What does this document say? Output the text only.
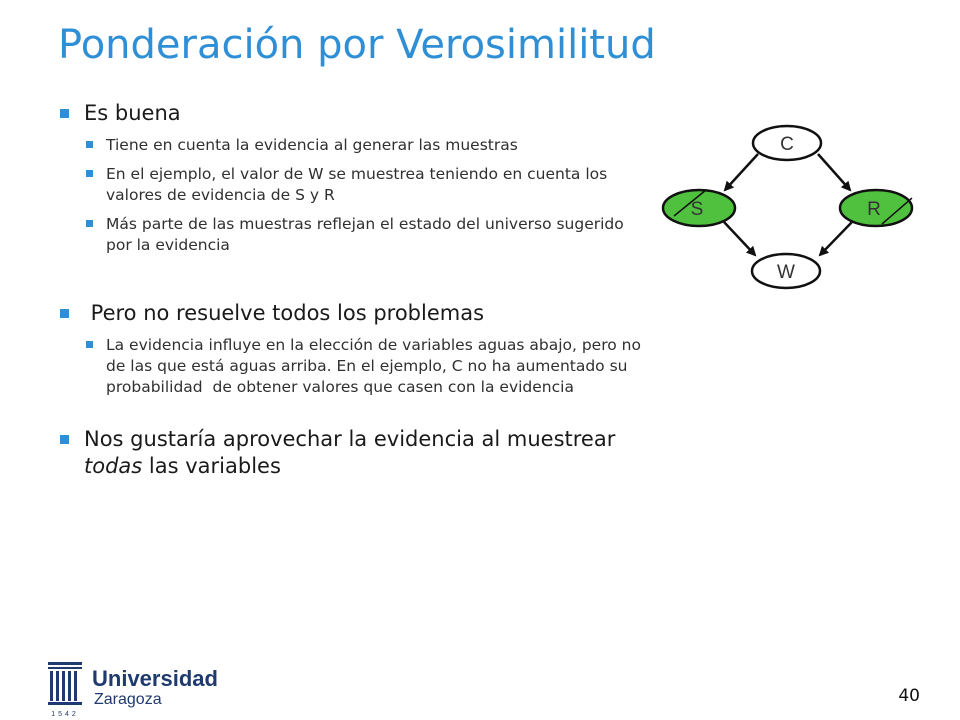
Ponderación por Verosimilitud
Es buena
Tiene en cuenta la evidencia al generar las muestras
En el ejemplo, el valor de W se muestrea teniendo en cuenta los valores de evidencia de S y R
Más parte de las muestras reflejan el estado del universo sugerido por la evidencia
Pero no resuelve todos los problemas
La evidencia influye en la elección de variables aguas abajo, pero no de las que está aguas arriba. En el ejemplo, C no ha aumentado su probabilidad  de obtener valores que casen con la evidencia
Nos gustaría aprovechar la evidencia al muestrear todas las variables
C
S	R
W
1542
Universidad
Zaragoza	40
